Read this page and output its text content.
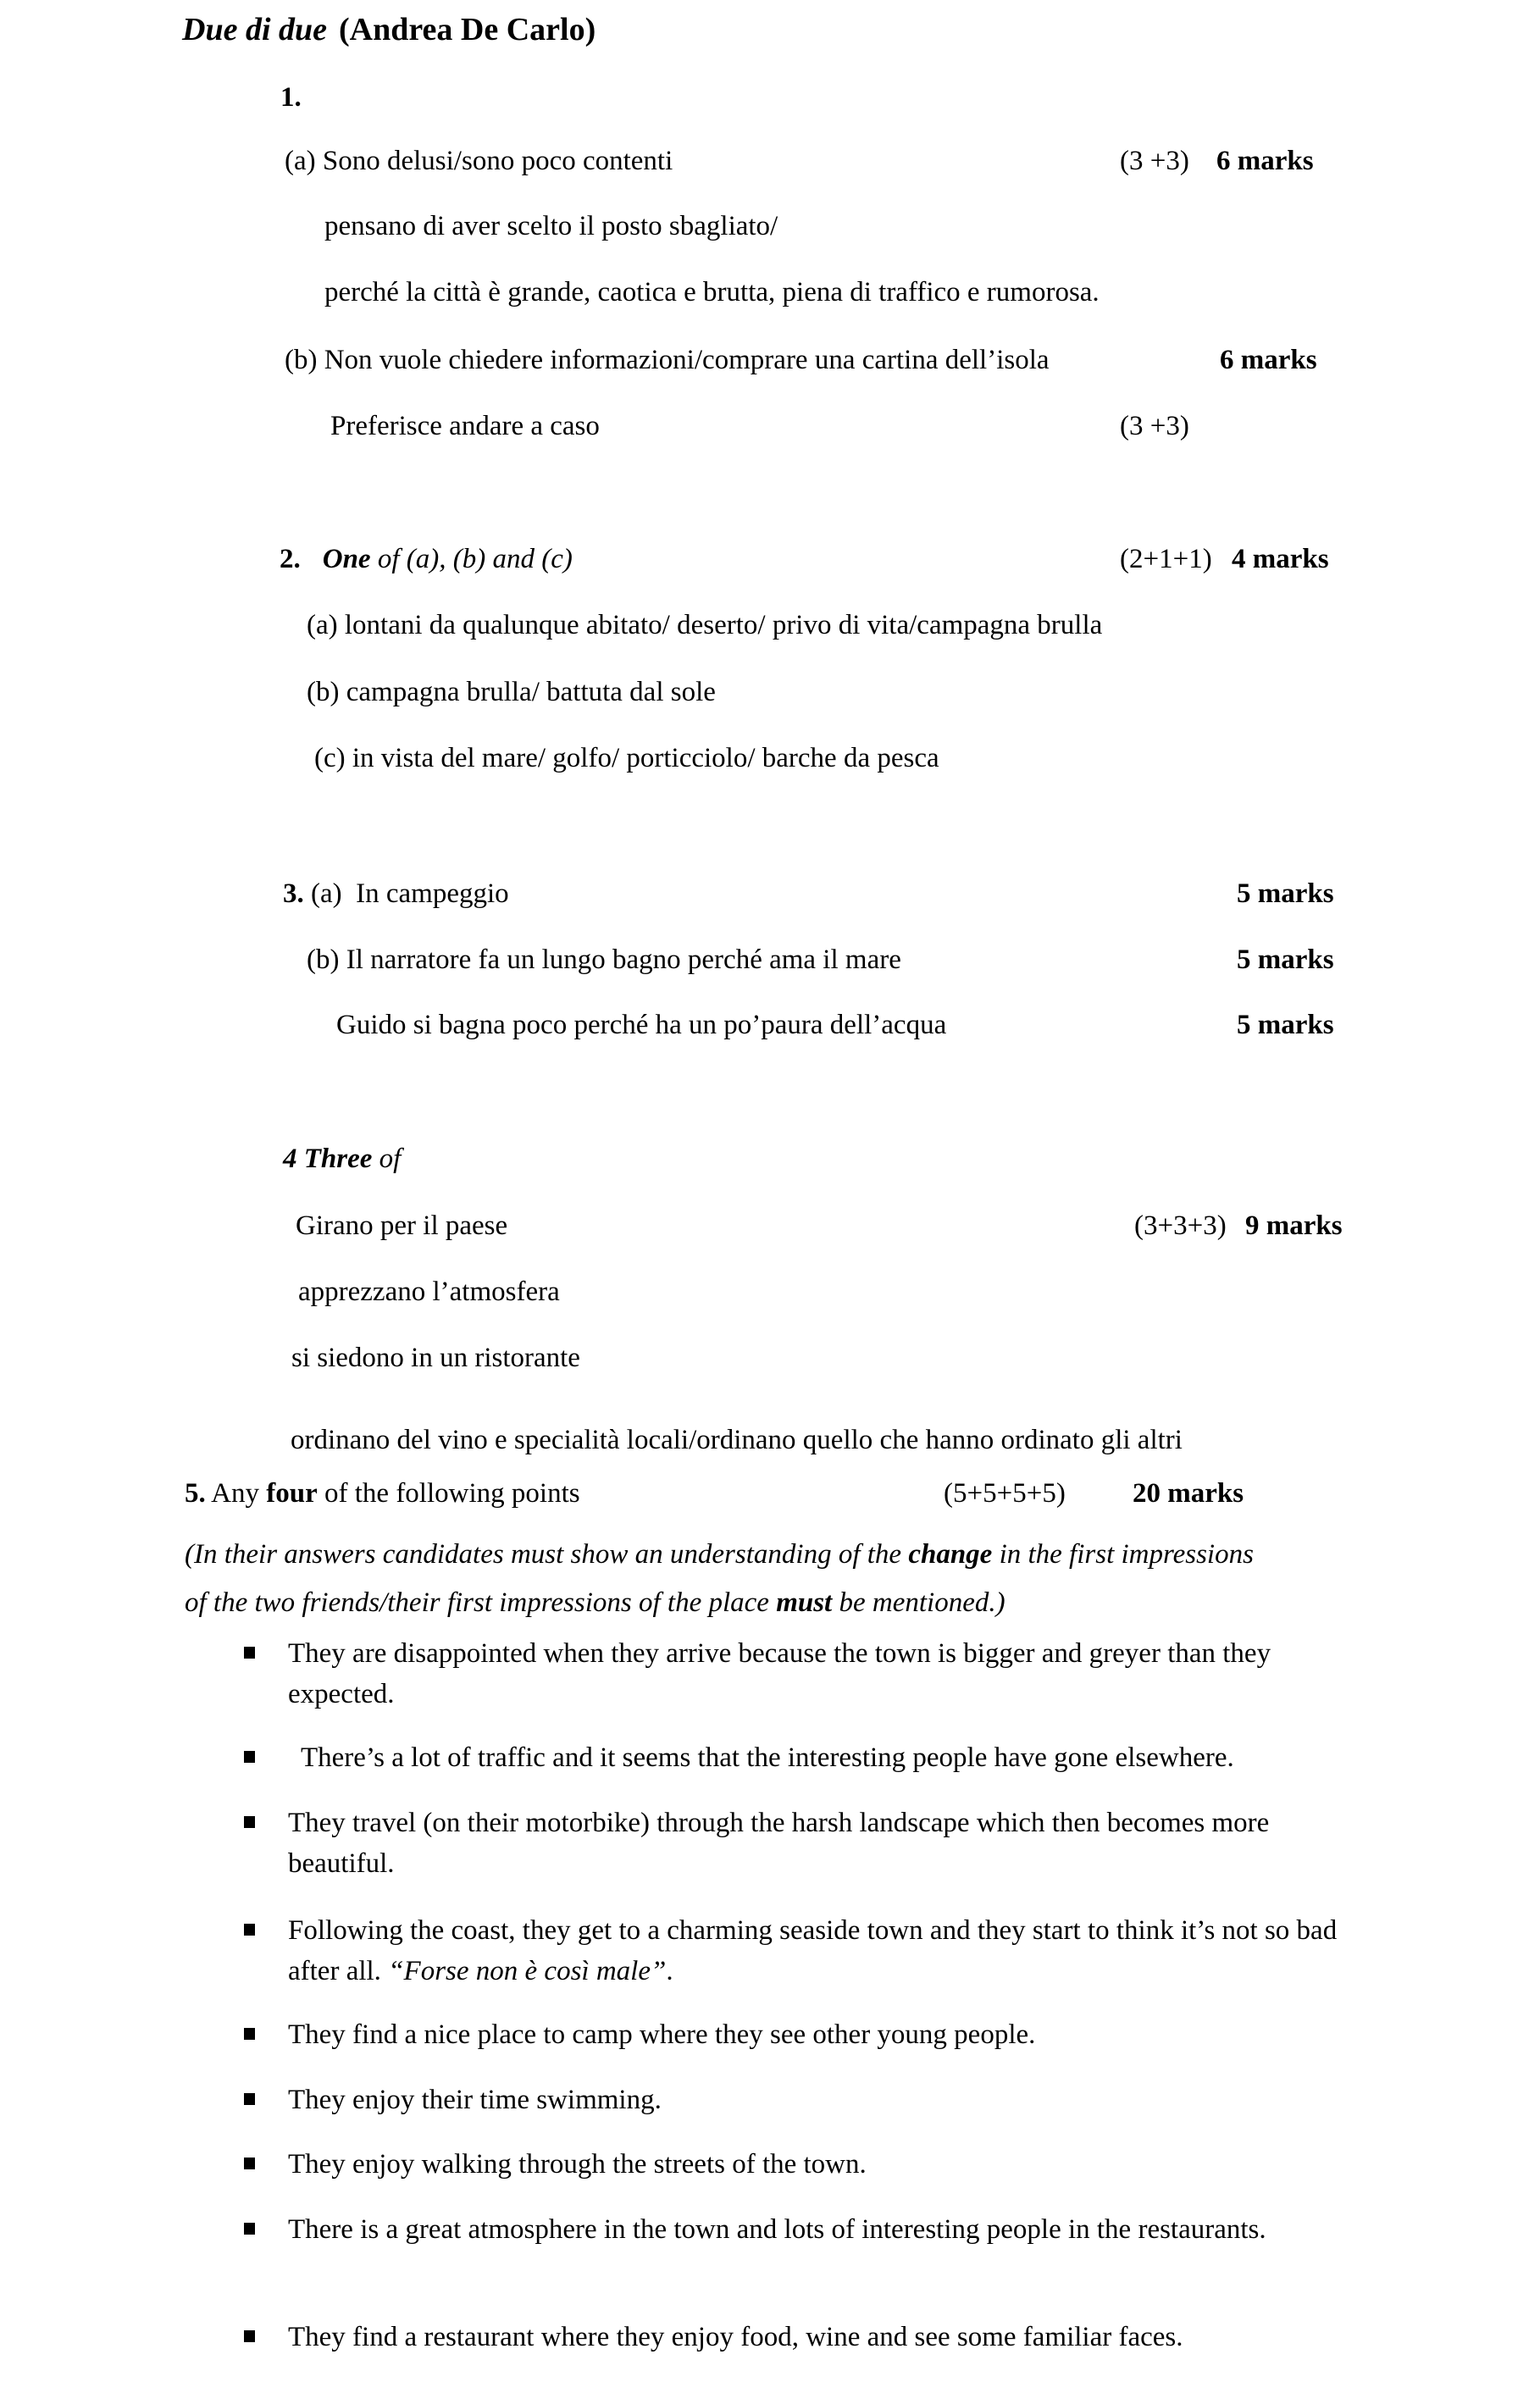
Due di due (Andrea De Carlo)
1.
(a) Sono delusi/sono poco contenti	(3 +3) 6 marks
pensano di aver scelto il posto sbagliato/
perché la città è grande, caotica e brutta, piena di traffico e rumorosa.
(b) Non vuole chiedere informazioni/comprare una cartina dell’isola	6 marks
Preferisce andare a caso	(3 +3)
2. One of (a), (b) and (c)	(2+1+1) 4 marks
(a) lontani da qualunque abitato/ deserto/ privo di vita/campagna brulla
(b) campagna brulla/ battuta dal sole
(c) in vista del mare/ golfo/ porticciolo/ barche da pesca
3. (a)  In campeggio	5 marks
(b) Il narratore fa un lungo bagno perché ama il mare	5 marks
Guido si bagna poco perché ha un po’paura dell’acqua	5 marks
4 Three of
Girano per il paese	(3+3+3) 9 marks
apprezzano l’atmosfera
si siedono in un ristorante
ordinano del vino e specialità locali/ordinano quello che hanno ordinato gli altri
5. Any four of the following points	(5+5+5+5) 20 marks
(In their answers candidates must show an understanding of the change in the first impressions of the two friends/their first impressions of the place must be mentioned.)
They are disappointed when they arrive because the town is bigger and greyer than they expected.
There’s a lot of traffic and it seems that the interesting people have gone elsewhere.
They travel (on their motorbike) through the harsh landscape which then becomes more beautiful.
Following the coast, they get to a charming seaside town and they start to think it’s not so bad after all. “Forse non è così male”.
They find a nice place to camp where they see other young people.
They enjoy their time swimming.
They enjoy walking through the streets of the town.
There is a great atmosphere in the town and lots of interesting people in the restaurants.
They find a restaurant where they enjoy food, wine and see some familiar faces.
